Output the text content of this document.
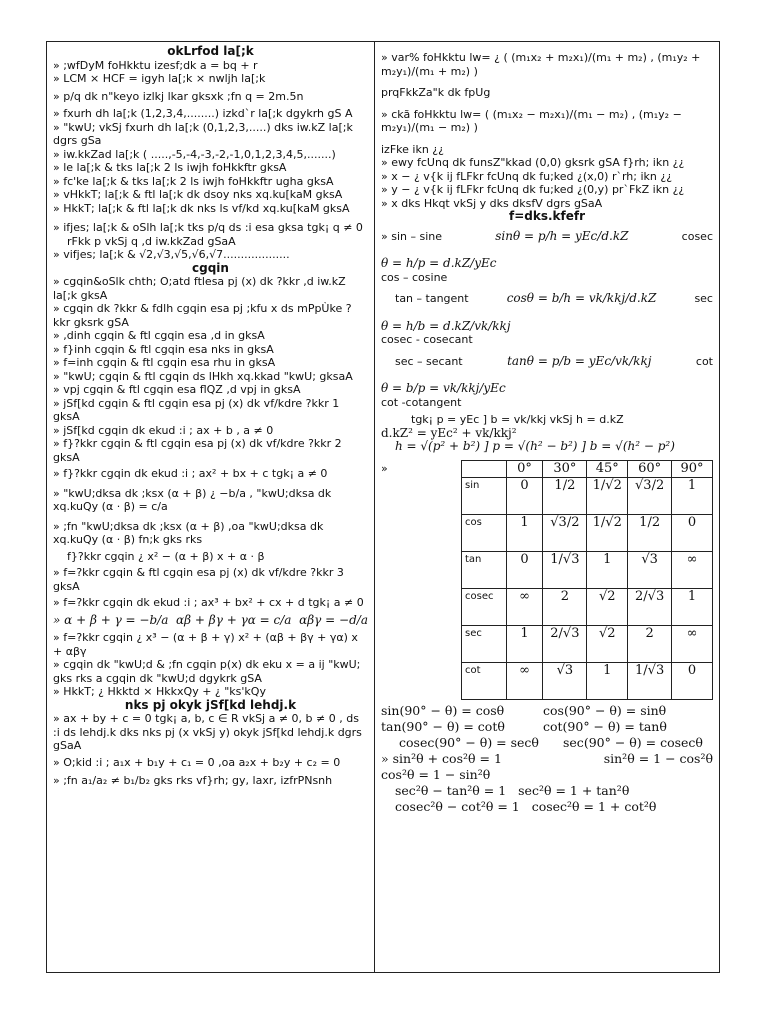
okLrfod la[;k

» ;wfDyM foHkktu izesf;dk a = bq + r

» LCM × HCF = igyh la[;k × nwljh la[;k

» p/q dk n"keyo izlkj lkar gksxk ;fn q = 2m.5n

» fxurh dh la[;k (1,2,3,4,........) izkd`r la[;k dgykrh gS A

» "kwU; vkSj fxurh dh la[;k (0,1,2,3,.....) dks iw.kZ la[;k dgrs gSa

» iw.kkZad la[;k ( .....,-5,-4,-3,-2,-1,0,1,2,3,4,5,.......)

» le la[;k & tks la[;k 2 ls iwjh foHkkftr gksA

» fc'ke la[;k & tks la[;k 2 ls iwjh foHkkftr ugha gksA

» vHkkT; la[;k & ftl la[;k dk dsoy nks xq.ku[kaM gksA

» HkkT; la[;k & ftl la[;k dk nks ls vf/kd xq.ku[kaM gksA

» ifjes; la[;k & oSlh la[;k tks p/q ds :i esa gksa tgk¡ q ≠ 0

rFkk p vkSj q ,d iw.kkZad gSaA

» vifjes; la[;k & √2,√3,√5,√6,√7...................

cgqin

» cgqin&oSlk chth; O;atd ftlesa pj (x) dk ?kkr ,d iw.kZ la[;k gksA

» cgqin dk ?kkr & fdlh cgqin esa pj ;kfu x ds mPpÙke ?kkr gksrk gSA

» ,dinh cgqin & ftl cgqin esa ,d in gksA

» f}inh cgqin & ftl cgqin esa nks in gksA

» f=inh cgqin & ftl cgqin esa rhu in gksA

» "kwU; cgqin & ftl cgqin ds lHkh xq.kkad "kwU; gksaA

» vpj cgqin & ftl cgqin esa flQZ ,d vpj in gksA

» jSf[kd cgqin & ftl cgqin esa pj (x) dk vf/kdre ?kkr 1 gksA

» jSf[kd cgqin dk ekud :i ; ax + b , a ≠ 0

» f}?kkr cgqin & ftl cgqin esa pj (x) dk vf/kdre ?kkr 2 gksA

» f}?kkr cgqin dk ekud :i ; ax² + bx + c tgk¡ a ≠ 0

» "kwU;dksa dk ;ksx (α + β) ¿ −b/a , "kwU;dksa dk xq.kuQy (α · β) = c/a

» ;fn "kwU;dksa dk ;ksx (α + β) ,oa "kwU;dksa dk xq.kuQy (α · β) fn;k gks rks

f}?kkr cgqin ¿ x² − (α + β) x + α · β

» f=?kkr cgqin & ftl cgqin esa pj (x) dk vf/kdre ?kkr 3 gksA

» f=?kkr cgqin dk ekud :i ; ax³ + bx² + cx + d tgk¡ a ≠ 0

» α + β + γ = −b/a αβ + βγ + γα = c/a αβγ = −d/a

» f=?kkr cgqin ¿ x³ − (α + β + γ) x² + (αβ + βγ + γα) x + αβγ

» cgqin dk "kwU;d & ;fn cgqin p(x) dk eku x = a ij "kwU; gks rks a cgqin dk "kwU;d dgykrk gSA

» HkkT; ¿ Hkktd × HkkxQy + ¿ "ks'kQy

nks pj okyk jSf[kd lehdj.k

» ax + by + c = 0 tgk¡ a, b, c ∈ R vkSj a ≠ 0, b ≠ 0 , ds :i ds lehdj.k dks nks pj (x vkSj y) okyk jSf[kd lehdj.k dgrs gSaA

» O;kid :i ; a₁x + b₁y + c₁ = 0 ,oa a₂x + b₂y + c₂ = 0

» ;fn a₁/a₂ ≠ b₁/b₂ gks rks vf}rh; gy, laxr, izfrPNsnh

» var% foHkktu lw= ¿ ( (m₁x₂ + m₂x₁)/(m₁ + m₂) , (m₁y₂ + m₂y₁)/(m₁ + m₂) )

prqFkkZa"k dk fpUg

» ckã foHkktu lw= ( (m₁x₂ − m₂x₁)/(m₁ − m₂) , (m₁y₂ − m₂y₁)/(m₁ − m₂) )

izFke ikn ¿¿

» ewy fcUnq dk funsZ"kkad (0,0) gksrk gSA f}rh; ikn ¿¿

» x − ¿ v{k ij fLFkr fcUnq dk fu;ked ¿(x,0) r`rh; ikn ¿¿

» y − ¿ v{k ij fLFkr fcUnq dk fu;ked ¿(0,y) pr`FkZ ikn ¿¿

» x dks Hkqt vkSj y dks dksfV dgrs gSaA

f=dks.kfefr
» sin – sine	sinθ = p/h = yEc/d.kZ	cosec

θ = h/p = d.kZ/yEc

cos – cosine

tan – tangent	cosθ = b/h = vk/kkj/d.kZ	sec

θ = h/b = d.kZ/vk/kkj

cosec - cosecant

sec – secant	tanθ = p/b = yEc/vk/kkj	cot

θ = b/p = vk/kkj/yEc

cot -cotangent

tgk¡ p = yEc ] b = vk/kkj vkSj h = d.kZ

d.kZ² = yEc² + vk/kkj²

h = √(p² + b²) ] p = √(h² − b²) ] b = √(h² − p²)

»
		0°	30°	45°	60°	90°
sin	0	1/2	1/√2	√3/2	1
cos	1	√3/2	1/√2	1/2	0
tan	0	1/√3	1	√3	∞
cosec	∞	2	√2	2/√3	1
sec	1	2/√3	√2	2	∞
cot	∞	√3	1	1/√3	0
sin(90° − θ) = cosθ	cos(90° − θ) = sinθ
tan(90° − θ) = cotθ	cot(90° − θ) = tanθ
cosec(90° − θ) = secθ sec(90° − θ) = cosecθ
» sin²θ + cos²θ = 1	sin²θ = 1 − cos²θ
cos²θ = 1 − sin²θ
sec²θ − tan²θ = 1 sec²θ = 1 + tan²θ
cosec²θ − cot²θ = 1 cosec²θ = 1 + cot²θ
